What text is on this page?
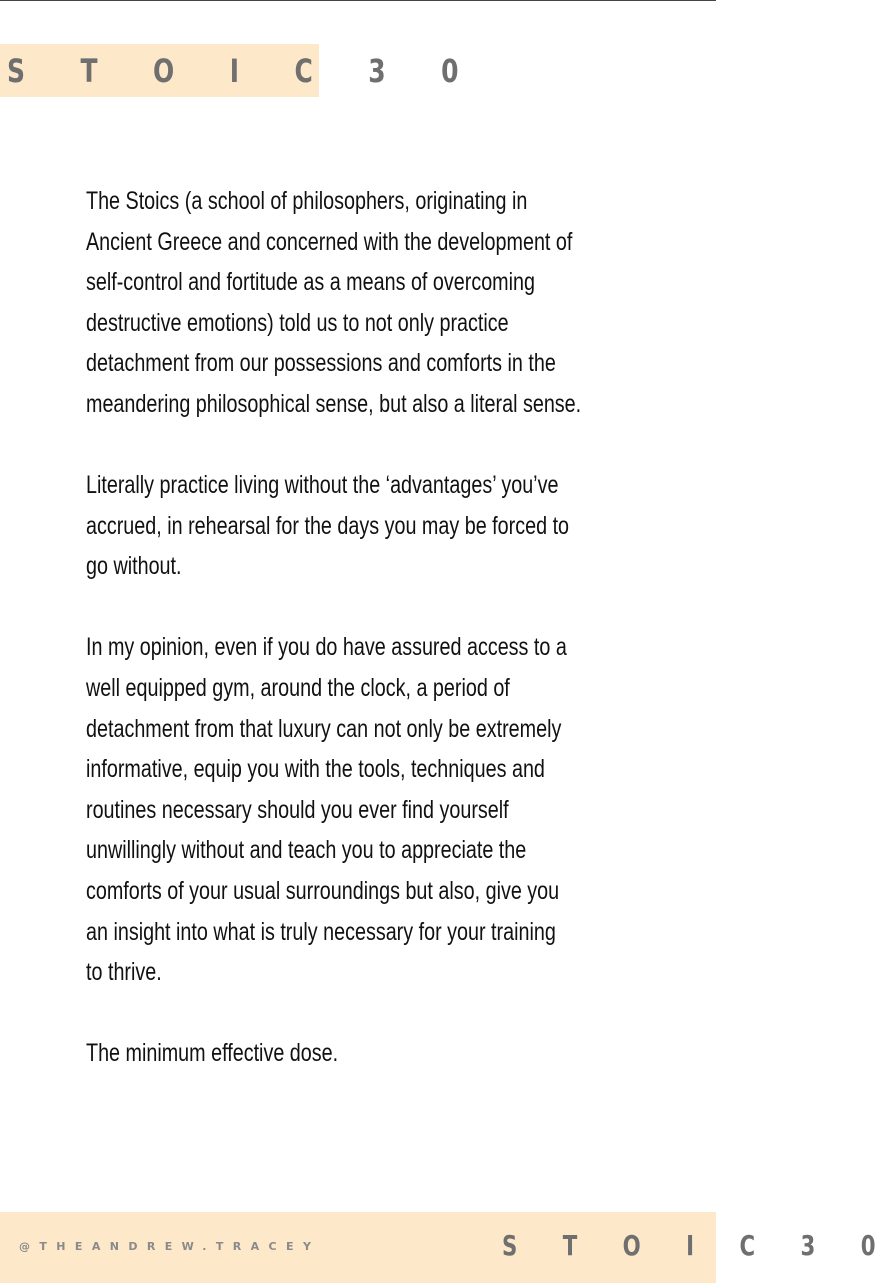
S T O I C 3 0

The Stoics (a school of philosophers, originating in
Ancient Greece and concerned with the development of
self-control and fortitude as a means of overcoming
destructive emotions) told us to not only practice
detachment from our possessions and comforts in the
meandering philosophical sense, but also a literal sense.

Literally practice living without the ‘advantages’ you’ve
accrued, in rehearsal for the days you may be forced to
go without.

In my opinion, even if you do have assured access to a
well equipped gym, around the clock, a period of
detachment from that luxury can not only be extremely
informative, equip you with the tools, techniques and
routines necessary should you ever find yourself
unwillingly without and teach you to appreciate the
comforts of your usual surroundings but also, give you
an insight into what is truly necessary for your training
to thrive.

The minimum effective dose.

@THEANDREW.TRACEY	S T O I C 3 0
